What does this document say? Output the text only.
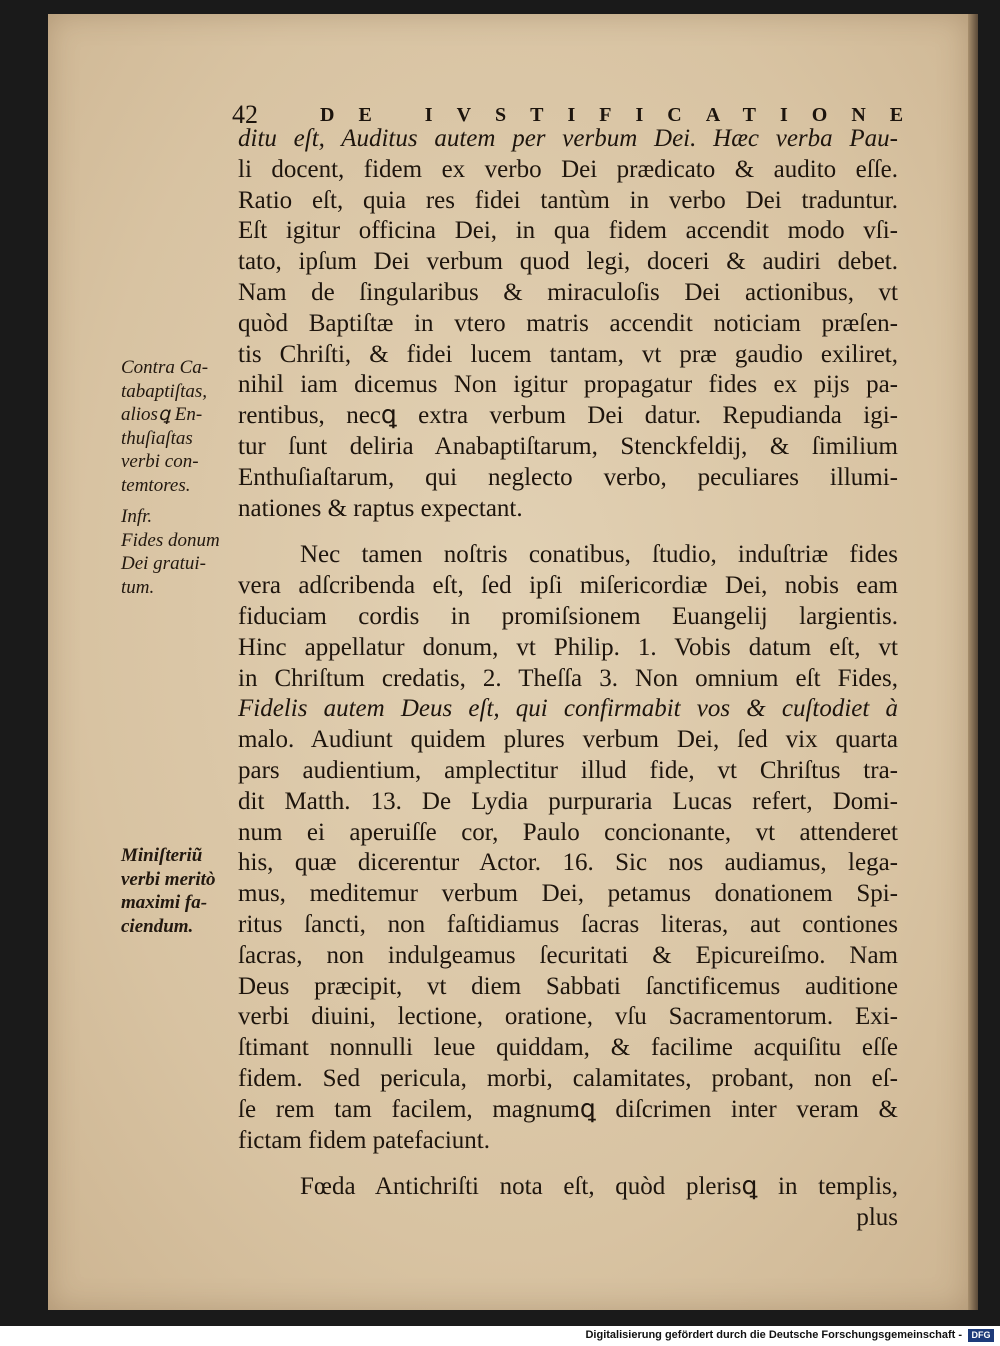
42	DE IVSTIFICATIONE
ditu eſt, Auditus autem per verbum Dei. Hæc verba Pau-
li docent, fidem ex verbo Dei prædicato & audito eſſe.
Ratio eſt, quia res fidei tantùm in verbo Dei traduntur.
Eſt igitur officina Dei, in qua fidem accendit modo vſi-
tato, ipſum Dei verbum quod legi, doceri & audiri debet.
Nam de ſingularibus & miraculoſis Dei actionibus, vt
quòd Baptiſtæ in vtero matris accendit noticiam præſen-
tis Chriſti, & fidei lucem tantam, vt præ gaudio exiliret,
nihil iam dicemus Non igitur propagatur fides ex pijs pa-
rentibus, necꝗ extra verbum Dei datur. Repudianda igi-
tur ſunt deliria Anabaptiſtarum, Stenckfeldij, & ſimilium
Enthuſiaſtarum, qui neglecto verbo, peculiares illumi-
nationes & raptus expectant.
Nec tamen noſtris conatibus, ſtudio, induſtriæ fides
vera adſcribenda eſt, ſed ipſi miſericordiæ Dei, nobis eam
fiduciam cordis in promiſsionem Euangelij largientis.
Hinc appellatur donum, vt Philip. 1. Vobis datum eſt, vt
in Chriſtum credatis, 2. Theſſa 3. Non omnium eſt Fides,
Fidelis autem Deus eſt, qui confirmabit vos & cuſtodiet à
malo. Audiunt quidem plures verbum Dei, ſed vix quarta
pars audientium, amplectitur illud fide, vt Chriſtus tra-
dit Matth. 13. De Lydia purpuraria Lucas refert, Domi-
num ei aperuiſſe cor, Paulo concionante, vt attenderet
his, quæ dicerentur Actor. 16. Sic nos audiamus, lega-
mus, meditemur verbum Dei, petamus donationem Spi-
ritus ſancti, non faſtidiamus ſacras literas, aut contiones
ſacras, non indulgeamus ſecuritati & Epicureiſmo. Nam
Deus præcipit, vt diem Sabbati ſanctificemus auditione
verbi diuini, lectione, oratione, vſu Sacramentorum. Exi-
ſtimant nonnulli leue quiddam, & facilime acquiſitu eſſe
fidem. Sed pericula, morbi, calamitates, probant, non eſ-
ſe rem tam facilem, magnumꝗ diſcrimen inter veram &
fictam fidem patefaciunt.
Fœda Antichriſti nota eſt, quòd plerisꝗ in templis,
plus
Contra Ca-
tabaptiſtas,
aliosꝗ En-
thuſiaſtas
verbi con-
temtores.
Infr.
Fides donum
Dei gratui-
tum.
Miniſteriũ
verbi meritò
maximi fa-
ciendum.
Digitalisierung gefördert durch die Deutsche Forschungsgemeinschaft -	DFG
